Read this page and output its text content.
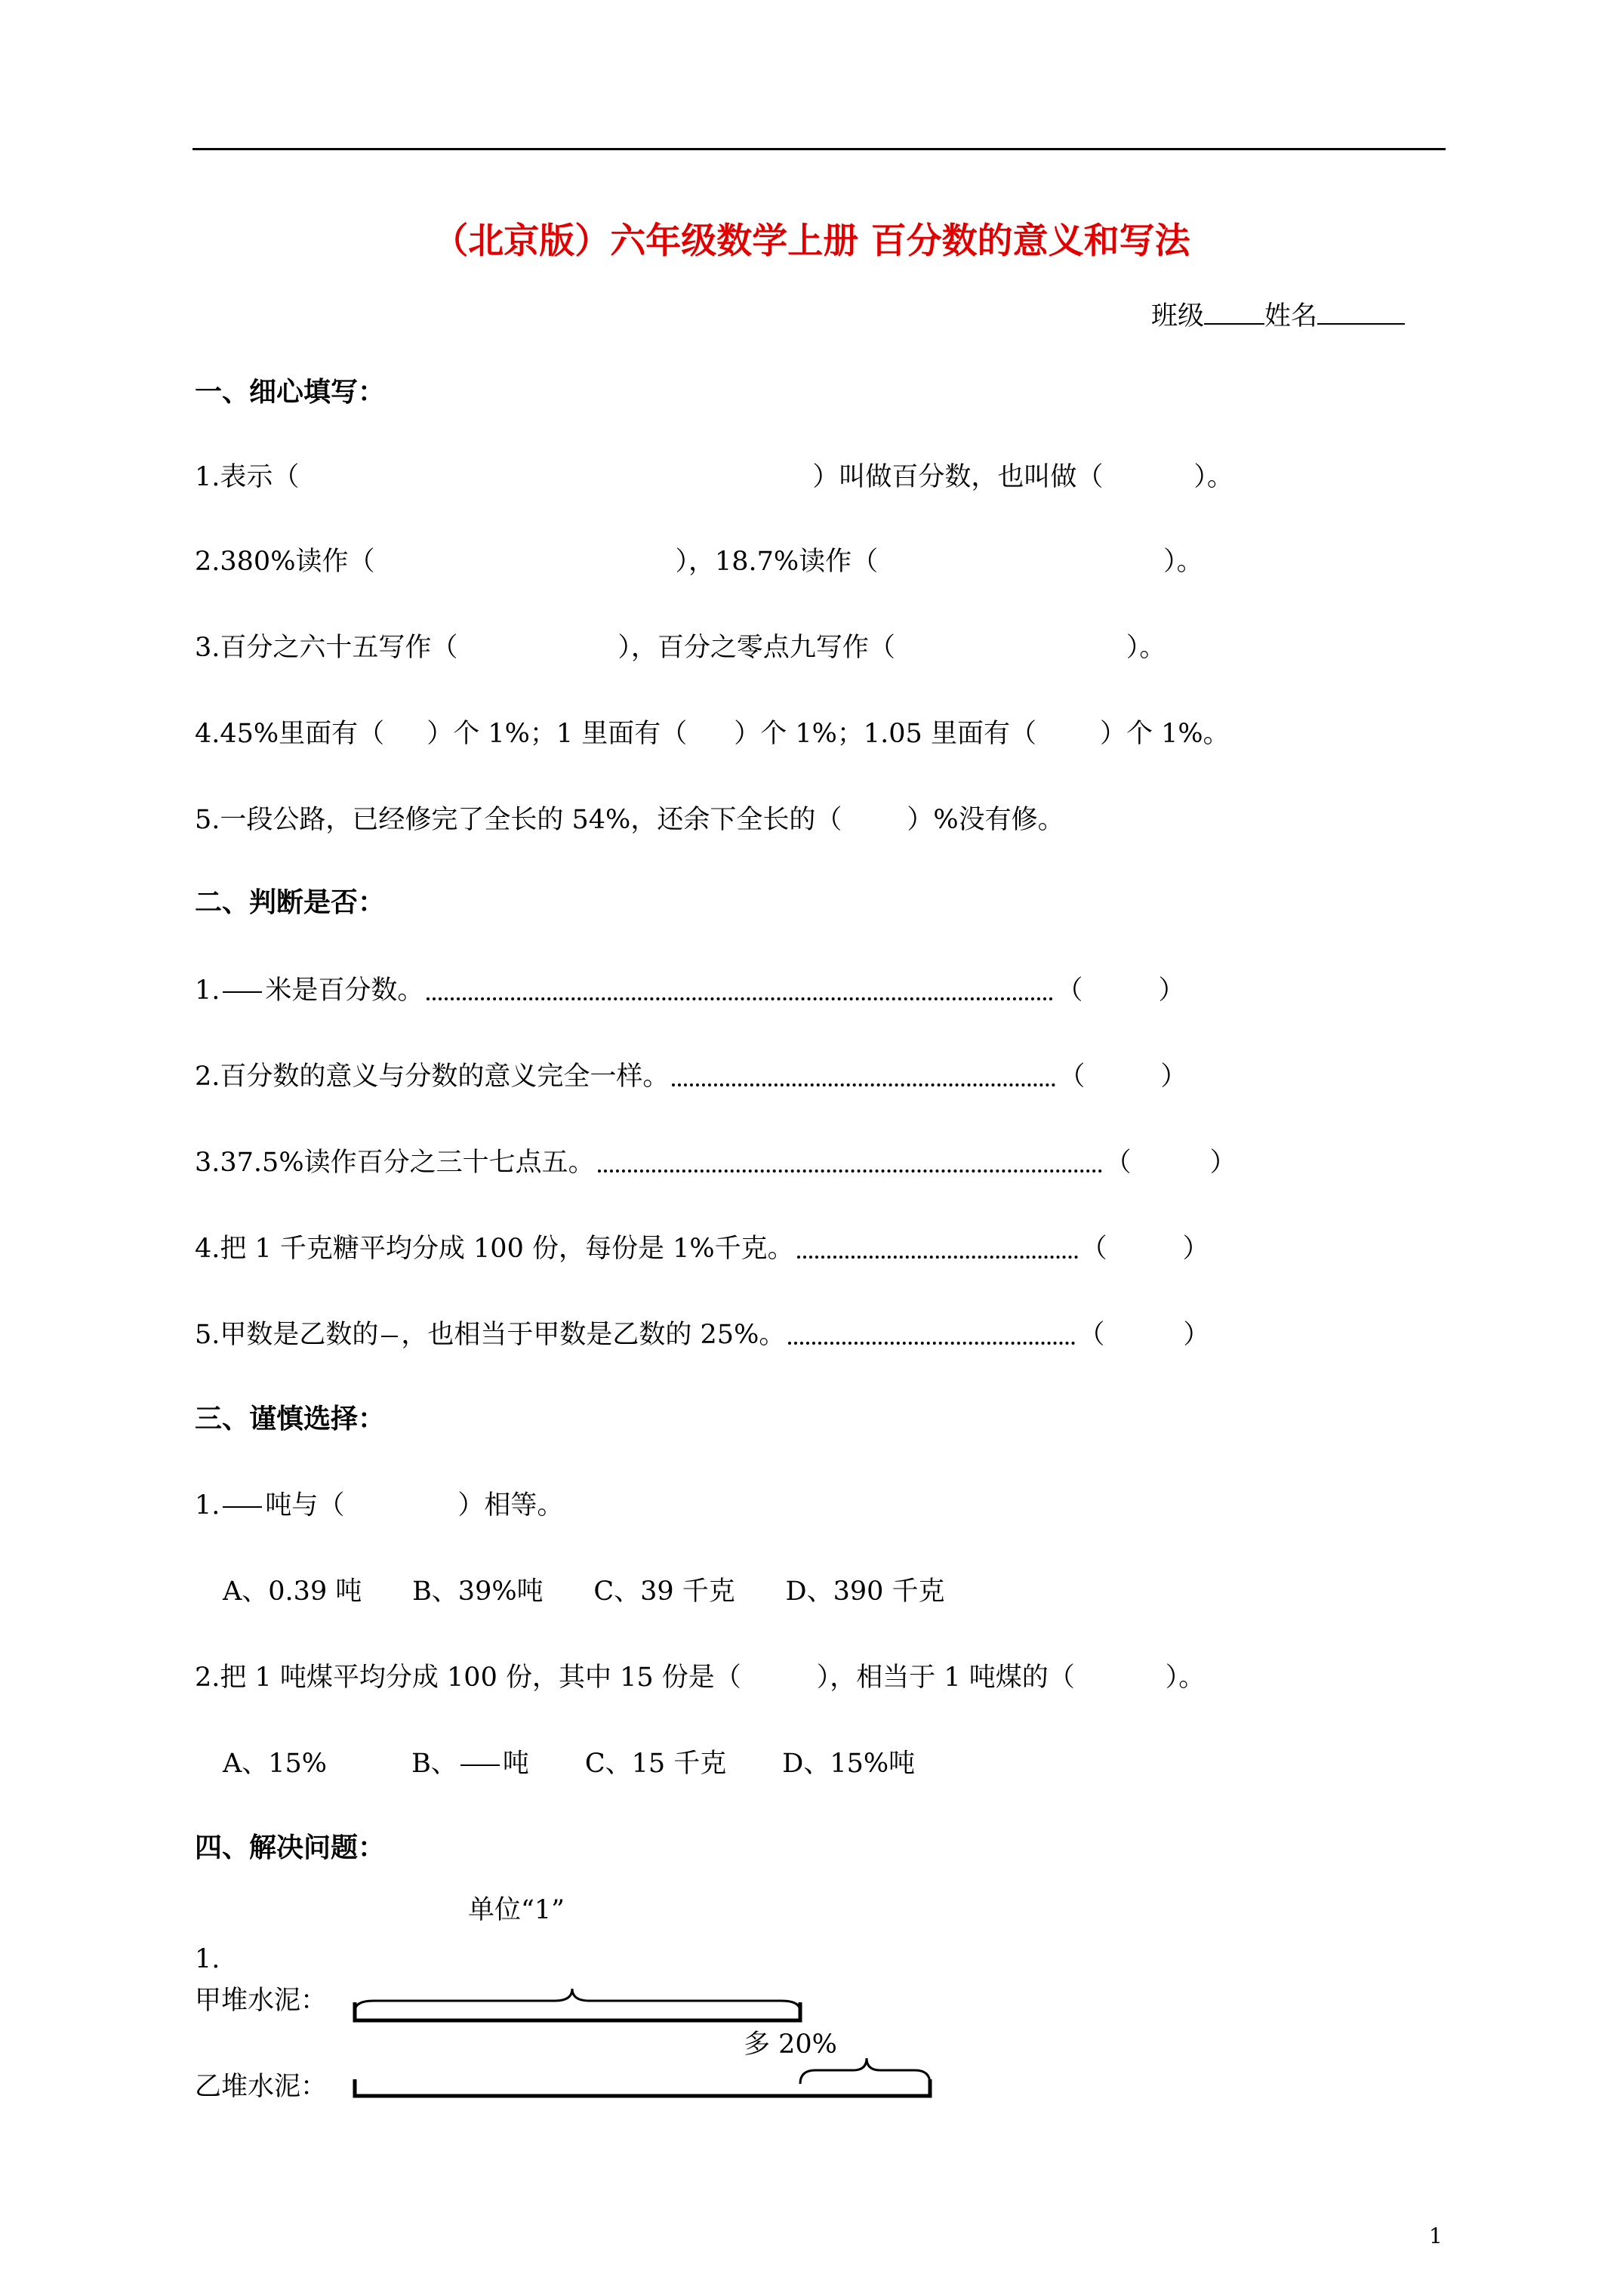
（北京版）六年级数学上册 百分数的意义和写法
班级 姓名
一、细心填写：
1.表示（	）叫做百分数，也叫做（	）。
2.380%读作（	），18.7%读作（	）。
3.百分之六十五写作（	），百分之零点九写作（	）。
4.45%里面有（ ）个 1%；1 里面有（ ）个 1%；1.05 里面有（ ）个 1%。
5.一段公路，已经修完了全长的 54%，还余下全长的（ ）%没有修。
二、判断是否：
1. 米是百分数。	（	）
2.百分数的意义与分数的意义完全一样。	（	）
3.37.5%读作百分之三十七点五。	（	）
4.把 1 千克糖平均分成 100 份，每份是 1%千克。	（	）
5.甲数是乙数的 ，也相当于甲数是乙数的 25%。	（	）
三、谨慎选择：
1. 吨与（	）相等。
A、0.39 吨      B、39%吨      C、39 千克      D、390 千克
2.把 1 吨煤平均分成 100 份，其中 15 份是（	），相当于 1 吨煤的（	）。
A、15%	B、 吨 C、15 千克 D、15%吨
四、解决问题：
单位“1”
1.
甲堆水泥：
多 20%
乙堆水泥：
1
